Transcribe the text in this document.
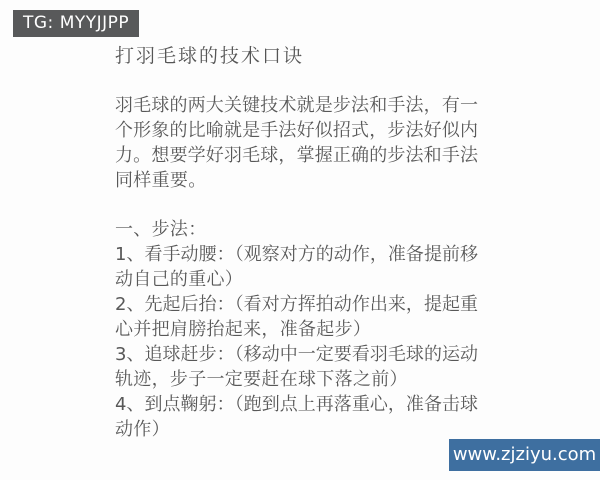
TG: MYYJJPP
打羽毛球的技术口诀

羽毛球的两大关键技术就是步法和手法，有一
个形象的比喻就是手法好似招式，步法好似内
力。想要学好羽毛球，掌握正确的步法和手法
同样重要。

一、步法：
1、看手动腰：（观察对方的动作，准备提前移
动自己的重心）
2、先起后抬：（看对方挥拍动作出来，提起重
心并把肩膀抬起来，准备起步）
3、追球赶步：（移动中一定要看羽毛球的运动
轨迹，步子一定要赶在球下落之前）
4、到点鞠躬：（跑到点上再落重心，准备击球
动作）
www.zjziyu.com
